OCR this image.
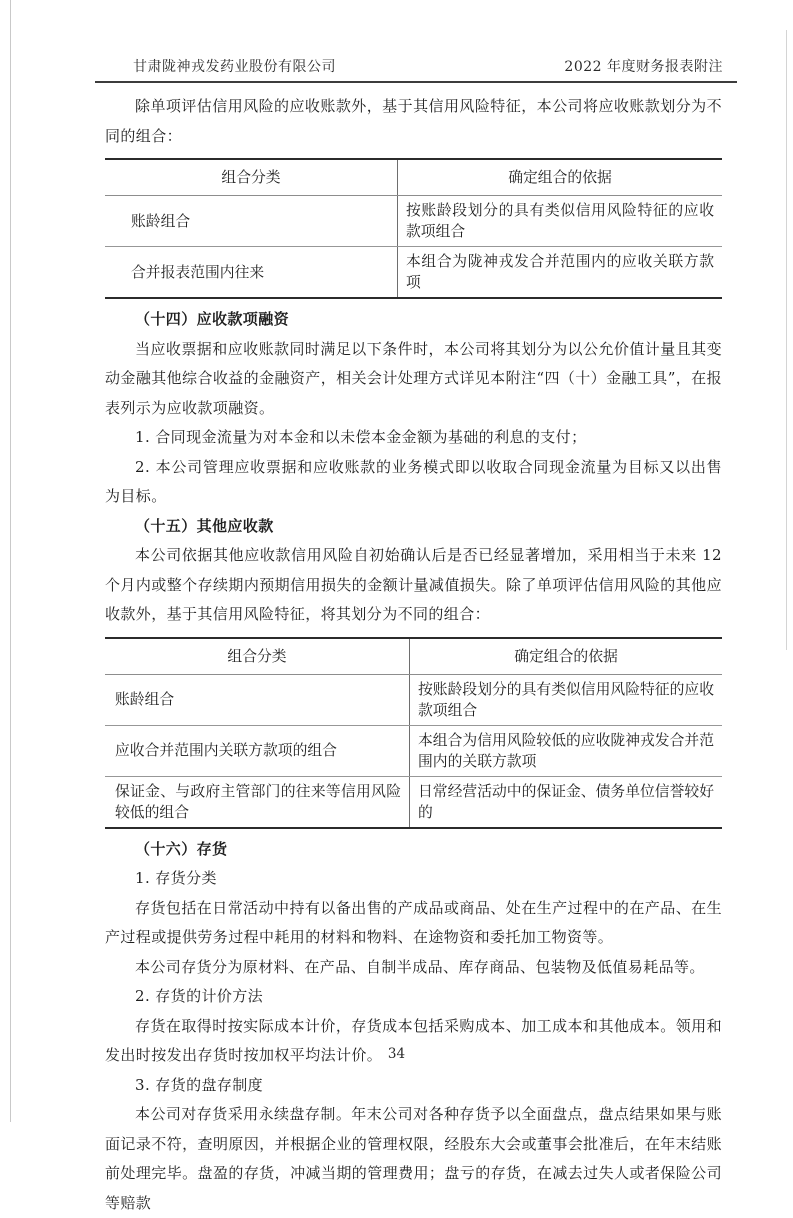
甘肃陇神戎发药业股份有限公司	2022 年度财务报表附注

除单项评估信用风险的应收账款外，基于其信用风险特征，本公司将应收账款划分为不同的组合：

组合分类	确定组合的依据
账龄组合	按账龄段划分的具有类似信用风险特征的应收款项组合
合并报表范围内往来	本组合为陇神戎发合并范围内的应收关联方款项

（十四）应收款项融资

当应收票据和应收账款同时满足以下条件时，本公司将其划分为以公允价值计量且其变动金融其他综合收益的金融资产，相关会计处理方式详见本附注“四（十）金融工具”，在报表列示为应收款项融资。

1. 合同现金流量为对本金和以未偿本金金额为基础的利息的支付；

2. 本公司管理应收票据和应收账款的业务模式即以收取合同现金流量为目标又以出售为目标。

（十五）其他应收款

本公司依据其他应收款信用风险自初始确认后是否已经显著增加，采用相当于未来 12 个月内或整个存续期内预期信用损失的金额计量减值损失。除了单项评估信用风险的其他应收款外，基于其信用风险特征，将其划分为不同的组合：

组合分类	确定组合的依据
账龄组合	按账龄段划分的具有类似信用风险特征的应收款项组合
应收合并范围内关联方款项的组合	本组合为信用风险较低的应收陇神戎发合并范围内的关联方款项
保证金、与政府主管部门的往来等信用风险较低的组合	日常经营活动中的保证金、债务单位信誉较好的

（十六）存货

1. 存货分类

存货包括在日常活动中持有以备出售的产成品或商品、处在生产过程中的在产品、在生产过程或提供劳务过程中耗用的材料和物料、在途物资和委托加工物资等。

本公司存货分为原材料、在产品、自制半成品、库存商品、包装物及低值易耗品等。

2. 存货的计价方法

存货在取得时按实际成本计价，存货成本包括采购成本、加工成本和其他成本。领用和发出时按发出存货时按加权平均法计价。

3. 存货的盘存制度

本公司对存货采用永续盘存制。年末公司对各种存货予以全面盘点，盘点结果如果与账面记录不符，查明原因，并根据企业的管理权限，经股东大会或董事会批准后，在年末结账前处理完毕。盘盈的存货，冲减当期的管理费用；盘亏的存货，在减去过失人或者保险公司等赔款

34
